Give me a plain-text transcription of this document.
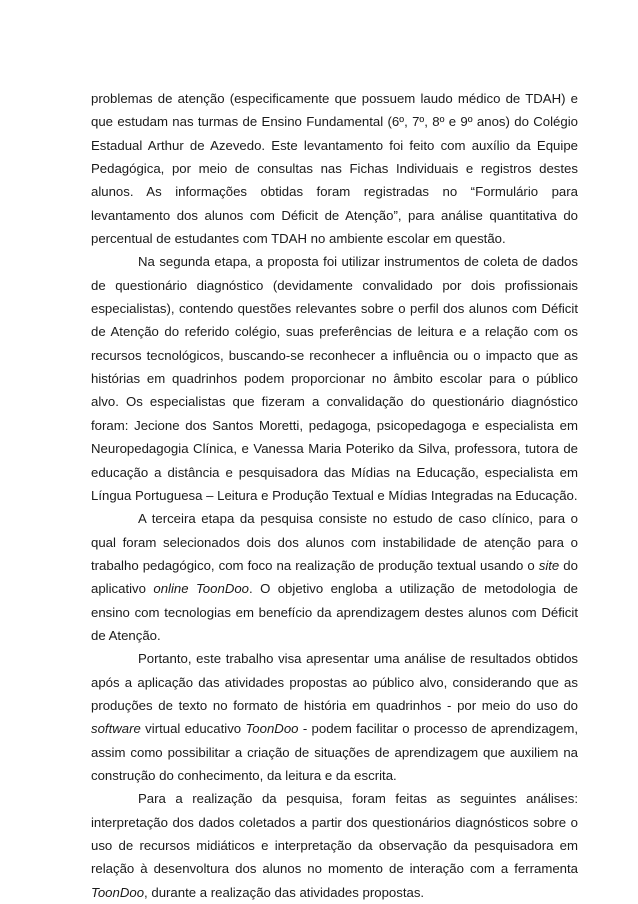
problemas de atenção (especificamente que possuem laudo médico de TDAH) e que estudam nas turmas de Ensino Fundamental (6º, 7º, 8º e 9º anos) do Colégio Estadual Arthur de Azevedo. Este levantamento foi feito com auxílio da Equipe Pedagógica, por meio de consultas nas Fichas Individuais e registros destes alunos. As informações obtidas foram registradas no “Formulário para levantamento dos alunos com Déficit de Atenção”, para análise quantitativa do percentual de estudantes com TDAH no ambiente escolar em questão.

Na segunda etapa, a proposta foi utilizar instrumentos de coleta de dados de questionário diagnóstico (devidamente convalidado por dois profissionais especialistas), contendo questões relevantes sobre o perfil dos alunos com Déficit de Atenção do referido colégio, suas preferências de leitura e a relação com os recursos tecnológicos, buscando-se reconhecer a influência ou o impacto que as histórias em quadrinhos podem proporcionar no âmbito escolar para o público alvo. Os especialistas que fizeram a convalidação do questionário diagnóstico foram: Jecione dos Santos Moretti, pedagoga, psicopedagoga e especialista em Neuropedagogia Clínica, e Vanessa Maria Poteriko da Silva, professora, tutora de educação a distância e pesquisadora das Mídias na Educação, especialista em Língua Portuguesa – Leitura e Produção Textual e Mídias Integradas na Educação.

A terceira etapa da pesquisa consiste no estudo de caso clínico, para o qual foram selecionados dois dos alunos com instabilidade de atenção para o trabalho pedagógico, com foco na realização de produção textual usando o site do aplicativo online ToonDoo. O objetivo engloba a utilização de metodologia de ensino com tecnologias em benefício da aprendizagem destes alunos com Déficit de Atenção.

Portanto, este trabalho visa apresentar uma análise de resultados obtidos após a aplicação das atividades propostas ao público alvo, considerando que as produções de texto no formato de história em quadrinhos - por meio do uso do software virtual educativo ToonDoo - podem facilitar o processo de aprendizagem, assim como possibilitar a criação de situações de aprendizagem que auxiliem na construção do conhecimento, da leitura e da escrita.

Para a realização da pesquisa, foram feitas as seguintes análises: interpretação dos dados coletados a partir dos questionários diagnósticos sobre o uso de recursos midiáticos e interpretação da observação da pesquisadora em relação à desenvoltura dos alunos no momento de interação com a ferramenta ToonDoo, durante a realização das atividades propostas.
